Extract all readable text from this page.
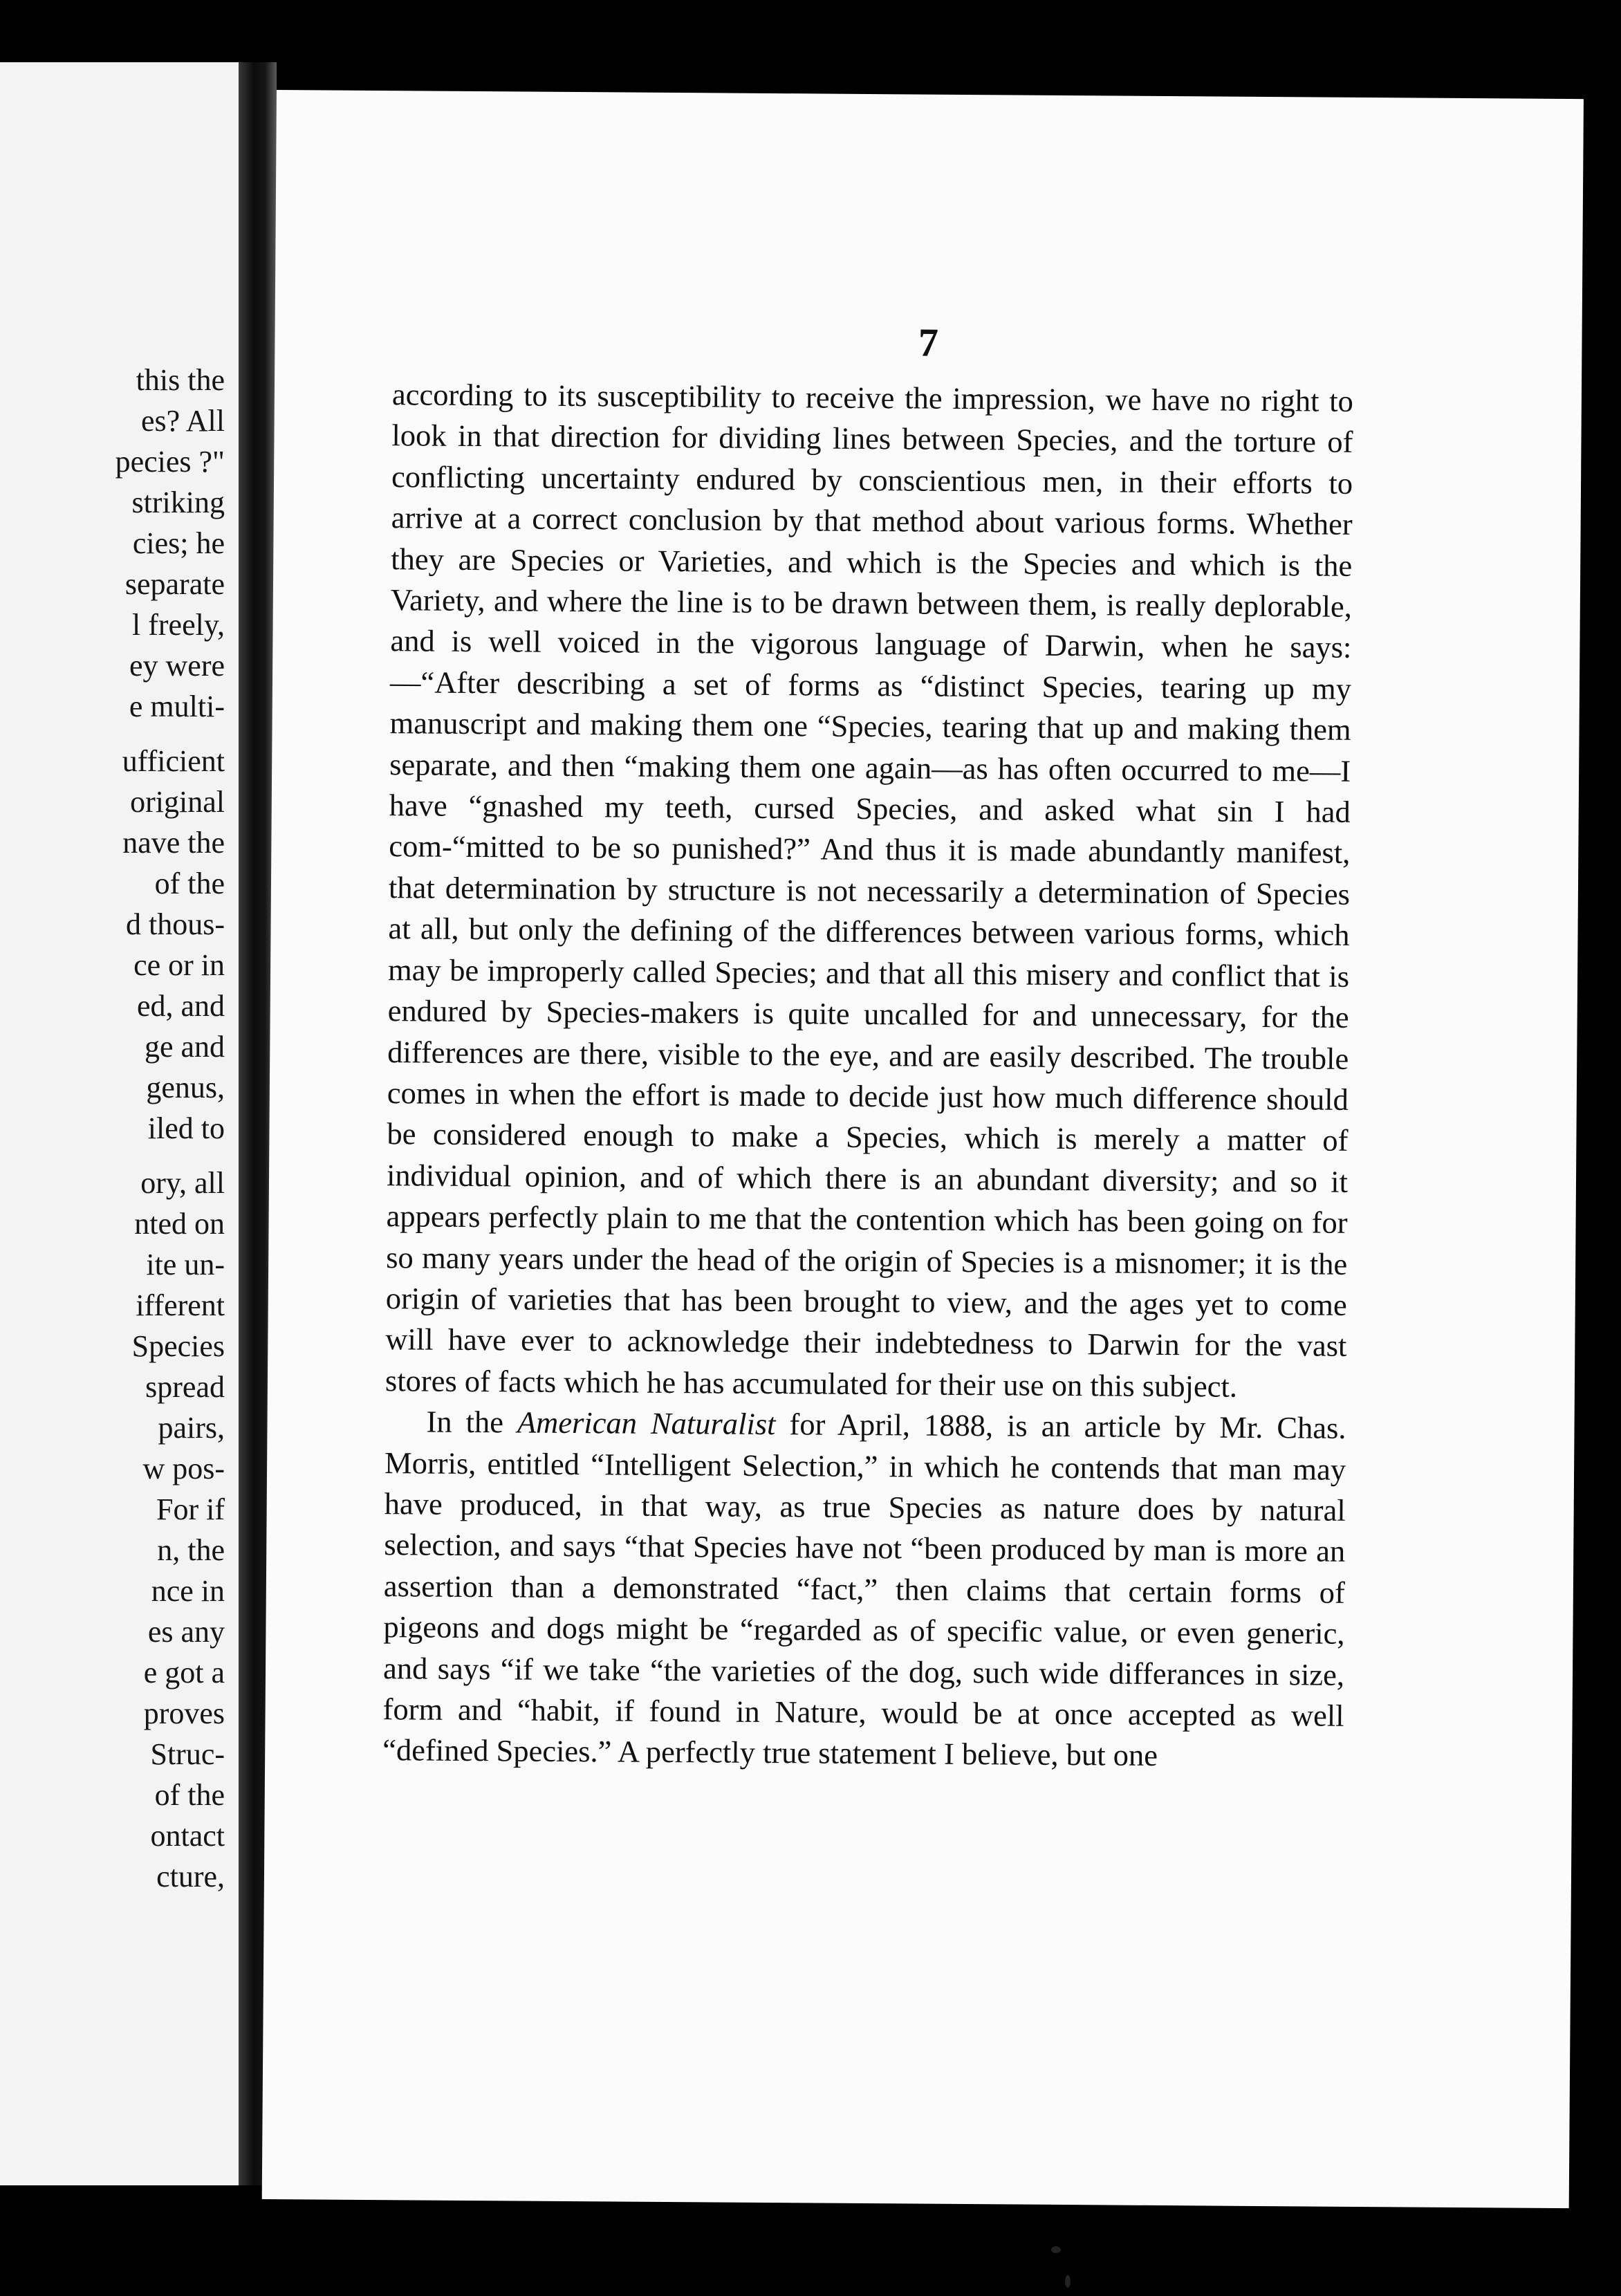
this the
es? All
pecies ?"
striking
cies; he
separate
l freely,
ey were
e multi-
ufficient
original
nave the
of the
d thous-
ce or in
ed, and
ge and
genus,
iled to
ory, all
nted on
ite un-
ifferent
Species
spread
pairs,
w pos-
For if
n, the
nce in
es any
e got a
proves
Struc-
of the
ontact
cture,
7

according to its susceptibility to receive the impression, we have no right to look in that direction for dividing lines between Species, and the torture of conflicting uncertainty endured by conscientious men, in their efforts to arrive at a correct conclusion by that method about various forms. Whether they are Species or Varieties, and which is the Species and which is the Variety, and where the line is to be drawn between them, is really deplorable, and is well voiced in the vigorous language of Darwin, when he says:—“After describing a set of forms as “distinct Species, tearing up my manuscript and making them one “Species, tearing that up and making them separate, and then “making them one again—as has often occurred to me—I have “gnashed my teeth, cursed Species, and asked what sin I had com-“mitted to be so punished?” And thus it is made abundantly manifest, that determination by structure is not necessarily a determination of Species at all, but only the defining of the differences between various forms, which may be improperly called Species; and that all this misery and conflict that is endured by Species-makers is quite uncalled for and unnecessary, for the differences are there, visible to the eye, and are easily described. The trouble comes in when the effort is made to decide just how much difference should be considered enough to make a Species, which is merely a matter of individual opinion, and of which there is an abundant diversity; and so it appears perfectly plain to me that the contention which has been going on for so many years under the head of the origin of Species is a misnomer; it is the origin of varieties that has been brought to view, and the ages yet to come will have ever to acknowledge their indebtedness to Darwin for the vast stores of facts which he has accumulated for their use on this subject.

In the American Naturalist for April, 1888, is an article by Mr. Chas. Morris, entitled “Intelligent Selection,” in which he contends that man may have produced, in that way, as true Species as nature does by natural selection, and says “that Species have not “been produced by man is more an assertion than a demonstrated “fact,” then claims that certain forms of pigeons and dogs might be “regarded as of specific value, or even generic, and says “if we take “the varieties of the dog, such wide differances in size, form and “habit, if found in Nature, would be at once accepted as well “defined Species.” A perfectly true statement I believe, but one
